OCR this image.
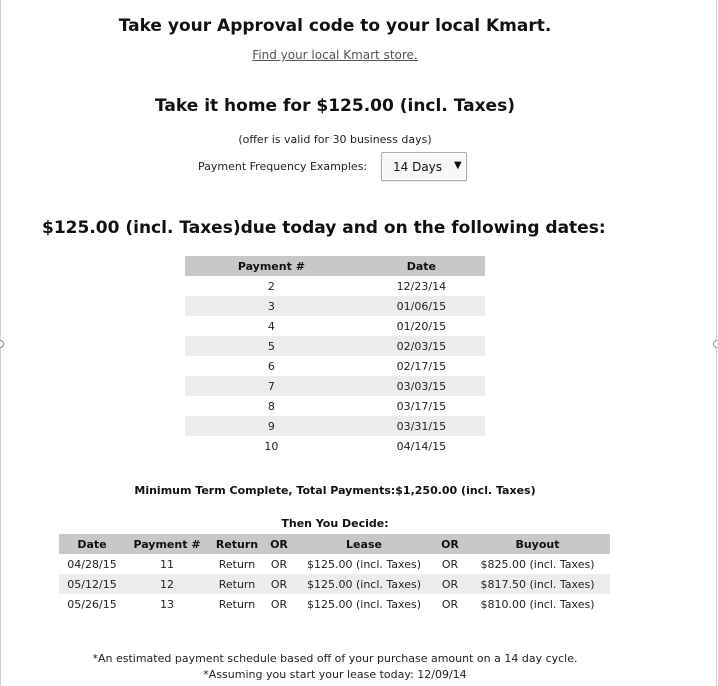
Take your Approval code to your local Kmart.
Find your local Kmart store.
Take it home for $125.00 (incl. Taxes)
(offer is valid for 30 business days)
Payment Frequency Examples: 14 Days ▼
$125.00 (incl. Taxes)due today and on the following dates:
Payment #	Date
2	12/23/14
3	01/06/15
4	01/20/15
5	02/03/15
6	02/17/15
7	03/03/15
8	03/17/15
9	03/31/15
10	04/14/15
Minimum Term Complete, Total Payments:$1,250.00 (incl. Taxes)
Then You Decide:
Date	Payment #	Return	OR	Lease	OR	Buyout
04/28/15	11	Return	OR	$125.00 (incl. Taxes)	OR	$825.00 (incl. Taxes)
05/12/15	12	Return	OR	$125.00 (incl. Taxes)	OR	$817.50 (incl. Taxes)
05/26/15	13	Return	OR	$125.00 (incl. Taxes)	OR	$810.00 (incl. Taxes)
*An estimated payment schedule based off of your purchase amount on a 14 day cycle.
*Assuming you start your lease today: 12/09/14
